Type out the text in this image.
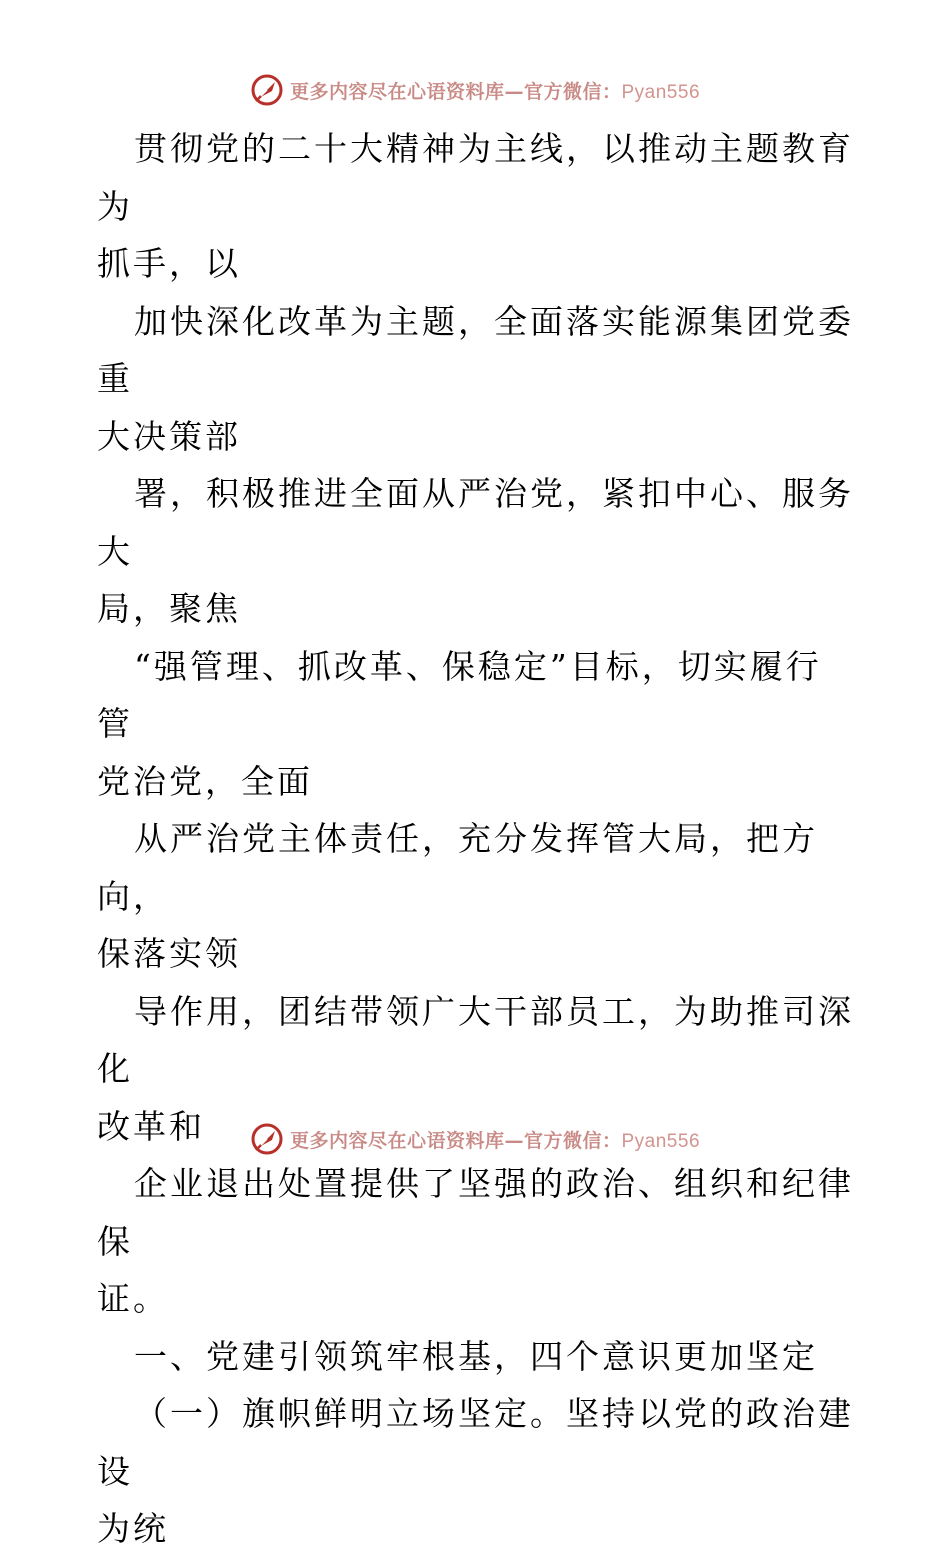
更多内容尽在心语资料库—官方微信：Pyan556

贯彻党的二十大精神为主线，以推动主题教育为

抓手，以

加快深化改革为主题，全面落实能源集团党委重

大决策部

署，积极推进全面从严治党，紧扣中心、服务大

局，聚焦

“强管理、抓改革、保稳定”目标，切实履行管

党治党，全面

从严治党主体责任，充分发挥管大局，把方向，

保落实领

导作用，团结带领广大干部员工，为助推司深化

改革和

企业退出处置提供了坚强的政治、组织和纪律保

证。

一、党建引领筑牢根基，四个意识更加坚定

（一）旗帜鲜明立场坚定。坚持以党的政治建设

为统

更多内容尽在心语资料库—官方微信：Pyan556
